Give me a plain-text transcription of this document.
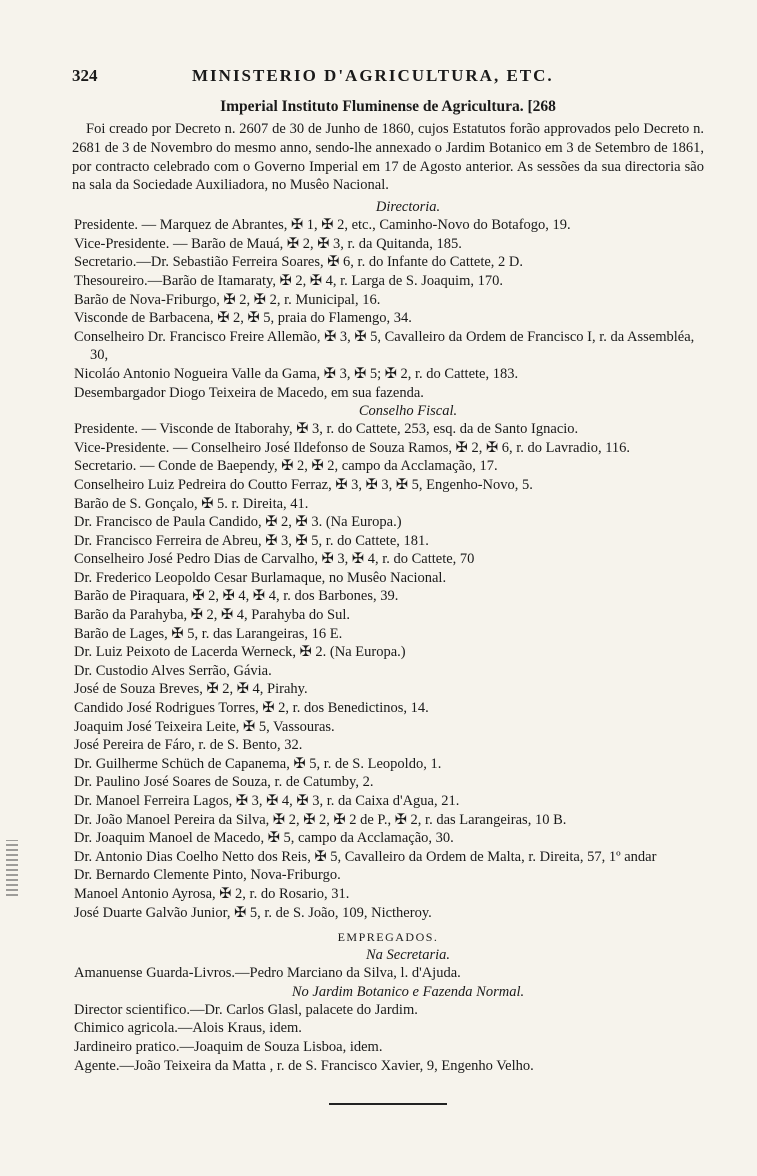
324	MINISTERIO D'AGRICULTURA, ETC.
Imperial Instituto Fluminense de Agricultura. [268

Foi creado por Decreto n. 2607 de 30 de Junho de 1860, cujos Estatutos forão approvados pelo Decreto n. 2681 de 3 de Novembro do mesmo anno, sendo-lhe annexado o Jardim Botanico em 3 de Setembro de 1861, por contracto celebrado com o Governo Imperial em 17 de Agosto anterior. As sessões da sua directoria são na sala da Sociedade Auxiliadora, no Musêo Nacional.

Directoria.
Presidente. — Marquez de Abrantes, ✠ 1, ✠ 2, etc., Caminho-Novo do Botafogo, 19.
Vice-Presidente. — Barão de Mauá, ✠ 2, ✠ 3, r. da Quitanda, 185.
Secretario.—Dr. Sebastião Ferreira Soares, ✠ 6, r. do Infante do Cattete, 2 D.
Thesoureiro.—Barão de Itamaraty, ✠ 2, ✠ 4, r. Larga de S. Joaquim, 170.
Barão de Nova-Friburgo, ✠ 2, ✠ 2, r. Municipal, 16.
Visconde de Barbacena, ✠ 2, ✠ 5, praia do Flamengo, 34.
Conselheiro Dr. Francisco Freire Allemão, ✠ 3, ✠ 5, Cavalleiro da Ordem de Francisco I, r. da Assembléa, 30,
Nicoláo Antonio Nogueira Valle da Gama, ✠ 3, ✠ 5; ✠ 2, r. do Cattete, 183.
Desembargador Diogo Teixeira de Macedo, em sua fazenda.
Conselho Fiscal.
Presidente. — Visconde de Itaborahy, ✠ 3, r. do Cattete, 253, esq. da de Santo Ignacio.
Vice-Presidente. — Conselheiro José Ildefonso de Souza Ramos, ✠ 2, ✠ 6, r. do Lavradio, 116.
Secretario. — Conde de Baependy, ✠ 2, ✠ 2, campo da Acclamação, 17.
Conselheiro Luiz Pedreira do Coutto Ferraz, ✠ 3, ✠ 3, ✠ 5, Engenho-Novo, 5.
Barão de S. Gonçalo, ✠ 5. r. Direita, 41.
Dr. Francisco de Paula Candido, ✠ 2, ✠ 3. (Na Europa.)
Dr. Francisco Ferreira de Abreu, ✠ 3, ✠ 5, r. do Cattete, 181.
Conselheiro José Pedro Dias de Carvalho, ✠ 3, ✠ 4, r. do Cattete, 70
Dr. Frederico Leopoldo Cesar Burlamaque, no Musêo Nacional.
Barão de Piraquara, ✠ 2, ✠ 4, ✠ 4, r. dos Barbones, 39.
Barão da Parahyba, ✠ 2, ✠ 4, Parahyba do Sul.
Barão de Lages, ✠ 5, r. das Larangeiras, 16 E.
Dr. Luiz Peixoto de Lacerda Werneck, ✠ 2. (Na Europa.)
Dr. Custodio Alves Serrão, Gávia.
José de Souza Breves, ✠ 2, ✠ 4, Pirahy.
Candido José Rodrigues Torres, ✠ 2, r. dos Benedictinos, 14.
Joaquim José Teixeira Leite, ✠ 5, Vassouras.
José Pereira de Fáro, r. de S. Bento, 32.
Dr. Guilherme Schüch de Capanema, ✠ 5, r. de S. Leopoldo, 1.
Dr. Paulino José Soares de Souza, r. de Catumby, 2.
Dr. Manoel Ferreira Lagos, ✠ 3, ✠ 4, ✠ 3, r. da Caixa d'Agua, 21.
Dr. João Manoel Pereira da Silva, ✠ 2, ✠ 2, ✠ 2 de P., ✠ 2, r. das Larangeiras, 10 B.
Dr. Joaquim Manoel de Macedo, ✠ 5, campo da Acclamação, 30.
Dr. Antonio Dias Coelho Netto dos Reis, ✠ 5, Cavalleiro da Ordem de Malta, r. Direita, 57, 1º andar
Dr. Bernardo Clemente Pinto, Nova-Friburgo.
Manoel Antonio Ayrosa, ✠ 2, r. do Rosario, 31.
José Duarte Galvão Junior, ✠ 5, r. de S. João, 109, Nictheroy.
EMPREGADOS.
Na Secretaria.
Amanuense Guarda-Livros.—Pedro Marciano da Silva, l. d'Ajuda.
No Jardim Botanico e Fazenda Normal.
Director scientifico.—Dr. Carlos Glasl, palacete do Jardim.
Chimico agricola.—Alois Kraus, idem.
Jardineiro pratico.—Joaquim de Souza Lisboa, idem.
Agente.—João Teixeira da Matta , r. de S. Francisco Xavier, 9, Engenho Velho.
